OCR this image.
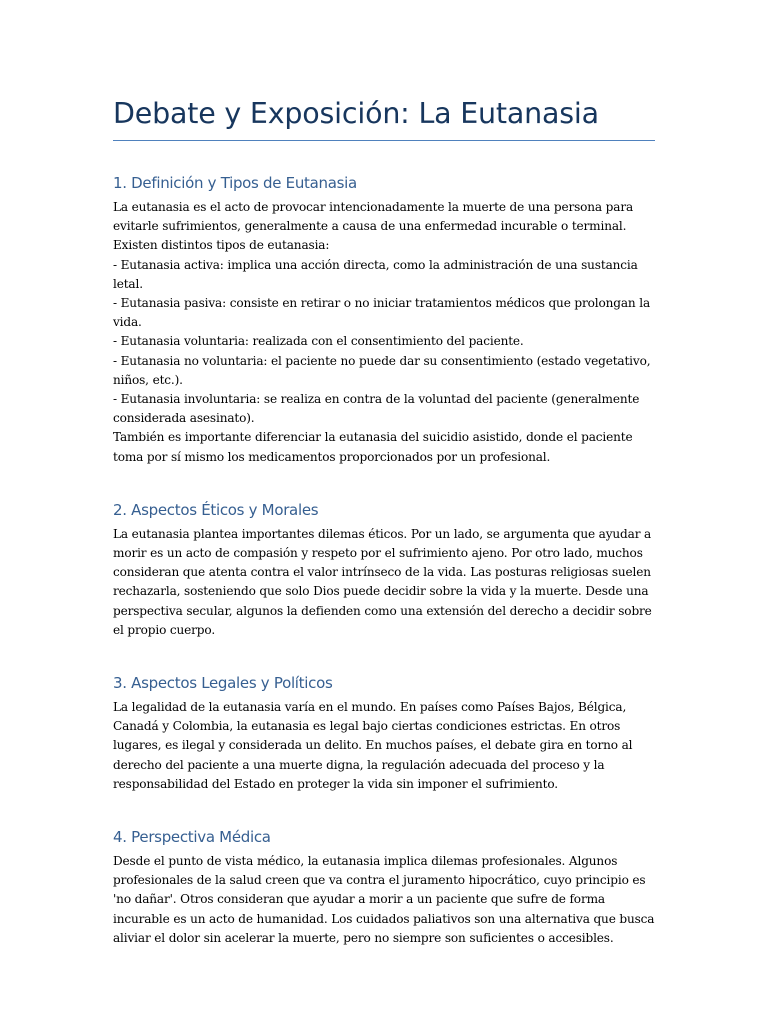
Debate y Exposición: La Eutanasia
1. Definición y Tipos de Eutanasia

La eutanasia es el acto de provocar intencionadamente la muerte de una persona para evitarle sufrimientos, generalmente a causa de una enfermedad incurable o terminal.

Existen distintos tipos de eutanasia:

- Eutanasia activa: implica una acción directa, como la administración de una sustancia letal.

- Eutanasia pasiva: consiste en retirar o no iniciar tratamientos médicos que prolongan la vida.

- Eutanasia voluntaria: realizada con el consentimiento del paciente.

- Eutanasia no voluntaria: el paciente no puede dar su consentimiento (estado vegetativo, niños, etc.).

- Eutanasia involuntaria: se realiza en contra de la voluntad del paciente (generalmente considerada asesinato).

También es importante diferenciar la eutanasia del suicidio asistido, donde el paciente toma por sí mismo los medicamentos proporcionados por un profesional.

2. Aspectos Éticos y Morales

La eutanasia plantea importantes dilemas éticos. Por un lado, se argumenta que ayudar a morir es un acto de compasión y respeto por el sufrimiento ajeno. Por otro lado, muchos consideran que atenta contra el valor intrínseco de la vida. Las posturas religiosas suelen rechazarla, sosteniendo que solo Dios puede decidir sobre la vida y la muerte. Desde una perspectiva secular, algunos la defienden como una extensión del derecho a decidir sobre el propio cuerpo.

3. Aspectos Legales y Políticos

La legalidad de la eutanasia varía en el mundo. En países como Países Bajos, Bélgica, Canadá y Colombia, la eutanasia es legal bajo ciertas condiciones estrictas. En otros lugares, es ilegal y considerada un delito. En muchos países, el debate gira en torno al derecho del paciente a una muerte digna, la regulación adecuada del proceso y la responsabilidad del Estado en proteger la vida sin imponer el sufrimiento.

4. Perspectiva Médica

Desde el punto de vista médico, la eutanasia implica dilemas profesionales. Algunos profesionales de la salud creen que va contra el juramento hipocrático, cuyo principio es 'no dañar'. Otros consideran que ayudar a morir a un paciente que sufre de forma incurable es un acto de humanidad. Los cuidados paliativos son una alternativa que busca aliviar el dolor sin acelerar la muerte, pero no siempre son suficientes o accesibles.
